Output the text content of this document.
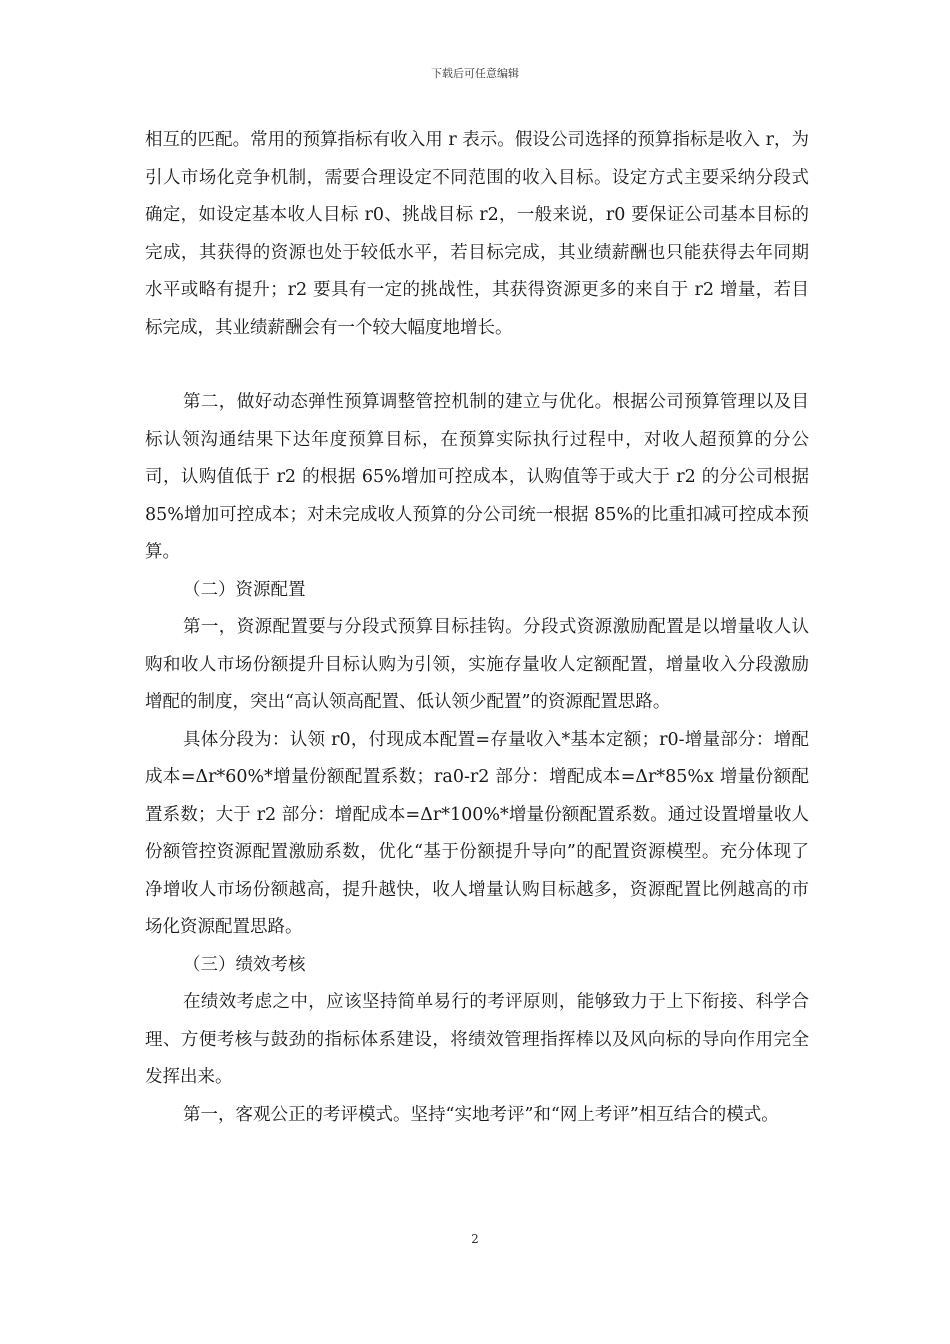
下载后可任意编辑

相互的匹配。常用的预算指标有收入用 r 表示。假设公司选择的预算指标是收入 r，为引人市场化竞争机制，需要合理设定不同范围的收入目标。设定方式主要采纳分段式确定，如设定基本收人目标 r0、挑战目标 r2，一般来说，r0 要保证公司基本目标的完成，其获得的资源也处于较低水平，若目标完成，其业绩薪酬也只能获得去年同期水平或略有提升；r2 要具有一定的挑战性，其获得资源更多的来自于 r2 增量，若目标完成，其业绩薪酬会有一个较大幅度地增长。

第二，做好动态弹性预算调整管控机制的建立与优化。根据公司预算管理以及目标认领沟通结果下达年度预算目标，在预算实际执行过程中，对收人超预算的分公司，认购值低于 r2 的根据 65%增加可控成本，认购值等于或大于 r2 的分公司根据 85%增加可控成本；对未完成收人预算的分公司统一根据 85%的比重扣减可控成本预算。

（二）资源配置

第一，资源配置要与分段式预算目标挂钩。分段式资源激励配置是以增量收人认购和收人市场份额提升目标认购为引领，实施存量收人定额配置，增量收入分段激励增配的制度，突出“高认领高配置、低认领少配置”的资源配置思路。

具体分段为：认领 r0，付现成本配置=存量收入*基本定额；r0-增量部分：增配成本=Δr*60%*增量份额配置系数；ra0-r2 部分：增配成本=Δr*85%x 增量份额配置系数；大于 r2 部分：增配成本=Δr*100%*增量份额配置系数。通过设置增量收人份额管控资源配置激励系数，优化“基于份额提升导向”的配置资源模型。充分体现了净增收人市场份额越高，提升越快，收人增量认购目标越多，资源配置比例越高的市场化资源配置思路。

（三）绩效考核

在绩效考虑之中，应该坚持简单易行的考评原则，能够致力于上下衔接、科学合理、方便考核与鼓劲的指标体系建设，将绩效管理指挥棒以及风向标的导向作用完全发挥出来。

第一，客观公正的考评模式。坚持“实地考评”和“网上考评”相互结合的模式。

2
